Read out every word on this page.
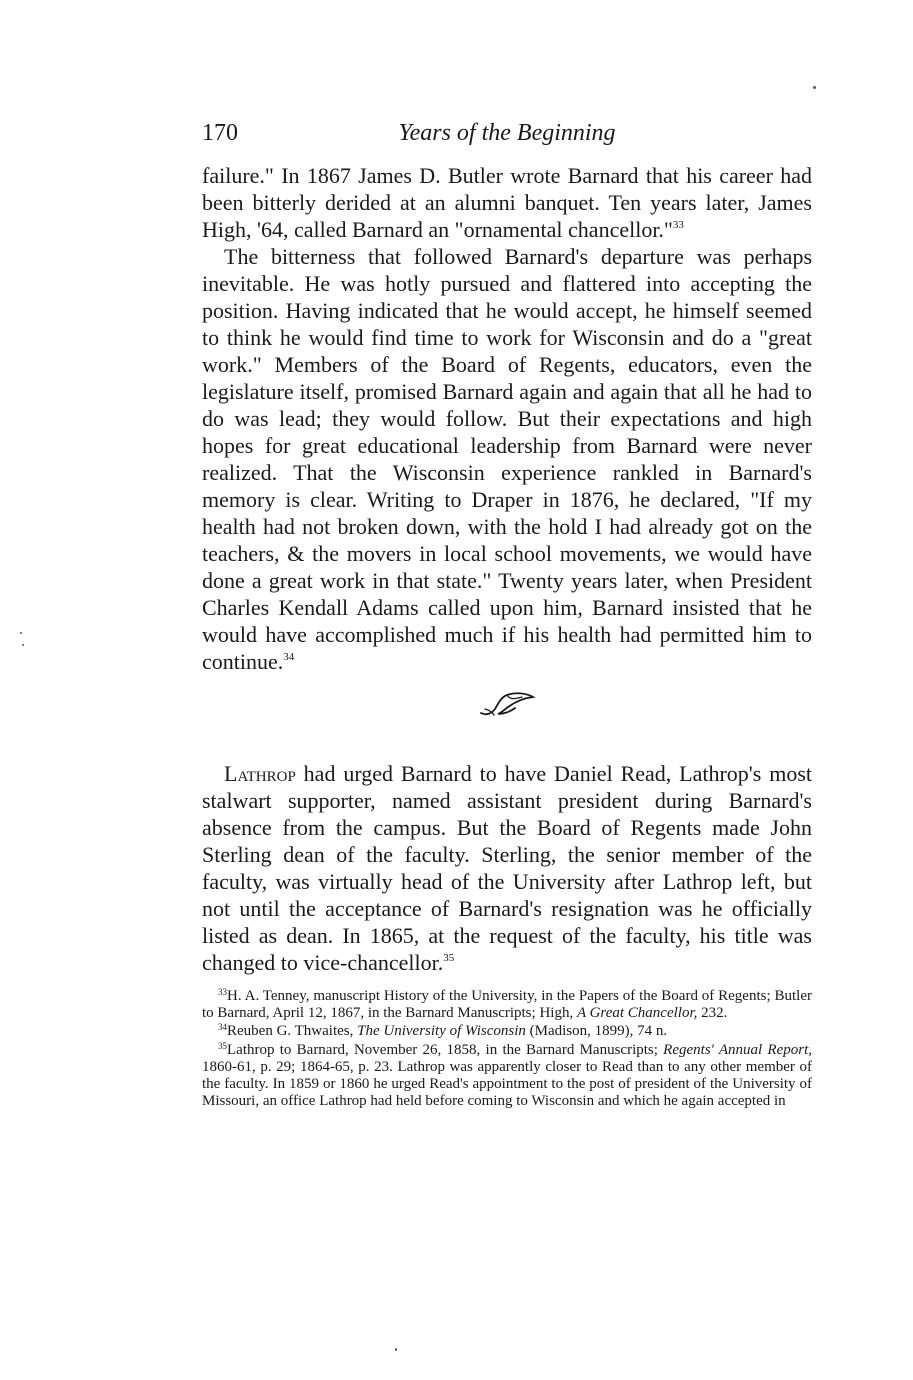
170	Years of the Beginning

failure." In 1867 James D. Butler wrote Barnard that his career had been bitterly derided at an alumni banquet. Ten years later, James High, '64, called Barnard an "ornamental chancellor."$^{33}$

The bitterness that followed Barnard's departure was perhaps inevitable. He was hotly pursued and flattered into accepting the position. Having indicated that he would accept, he himself seemed to think he would find time to work for Wisconsin and do a "great work." Members of the Board of Regents, educators, even the legislature itself, promised Barnard again and again that all he had to do was lead; they would follow. But their expectations and high hopes for great educational leadership from Barnard were never realized. That the Wisconsin experience rankled in Barnard's memory is clear. Writing to Draper in 1876, he declared, "If my health had not broken down, with the hold I had already got on the teachers, & the movers in local school movements, we would have done a great work in that state." Twenty years later, when President Charles Kendall Adams called upon him, Barnard insisted that he would have accomplished much if his health had permitted him to continue.$^{34}$

Lathrop had urged Barnard to have Daniel Read, Lathrop's most stalwart supporter, named assistant president during Barnard's absence from the campus. But the Board of Regents made John Sterling dean of the faculty. Sterling, the senior member of the faculty, was virtually head of the University after Lathrop left, but not until the acceptance of Barnard's resignation was he officially listed as dean. In 1865, at the request of the faculty, his title was changed to vice-chancellor.$^{35}$

$^{33}$H. A. Tenney, manuscript History of the University, in the Papers of the Board of Regents; Butler to Barnard, April 12, 1867, in the Barnard Manuscripts; High, A Great Chancellor, 232.

$^{34}$Reuben G. Thwaites, The University of Wisconsin (Madison, 1899), 74 n.

$^{35}$Lathrop to Barnard, November 26, 1858, in the Barnard Manuscripts; Regents' Annual Report, 1860-61, p. 29; 1864-65, p. 23. Lathrop was apparently closer to Read than to any other member of the faculty. In 1859 or 1860 he urged Read's appointment to the post of president of the University of Missouri, an office Lathrop had held before coming to Wisconsin and which he again accepted in
